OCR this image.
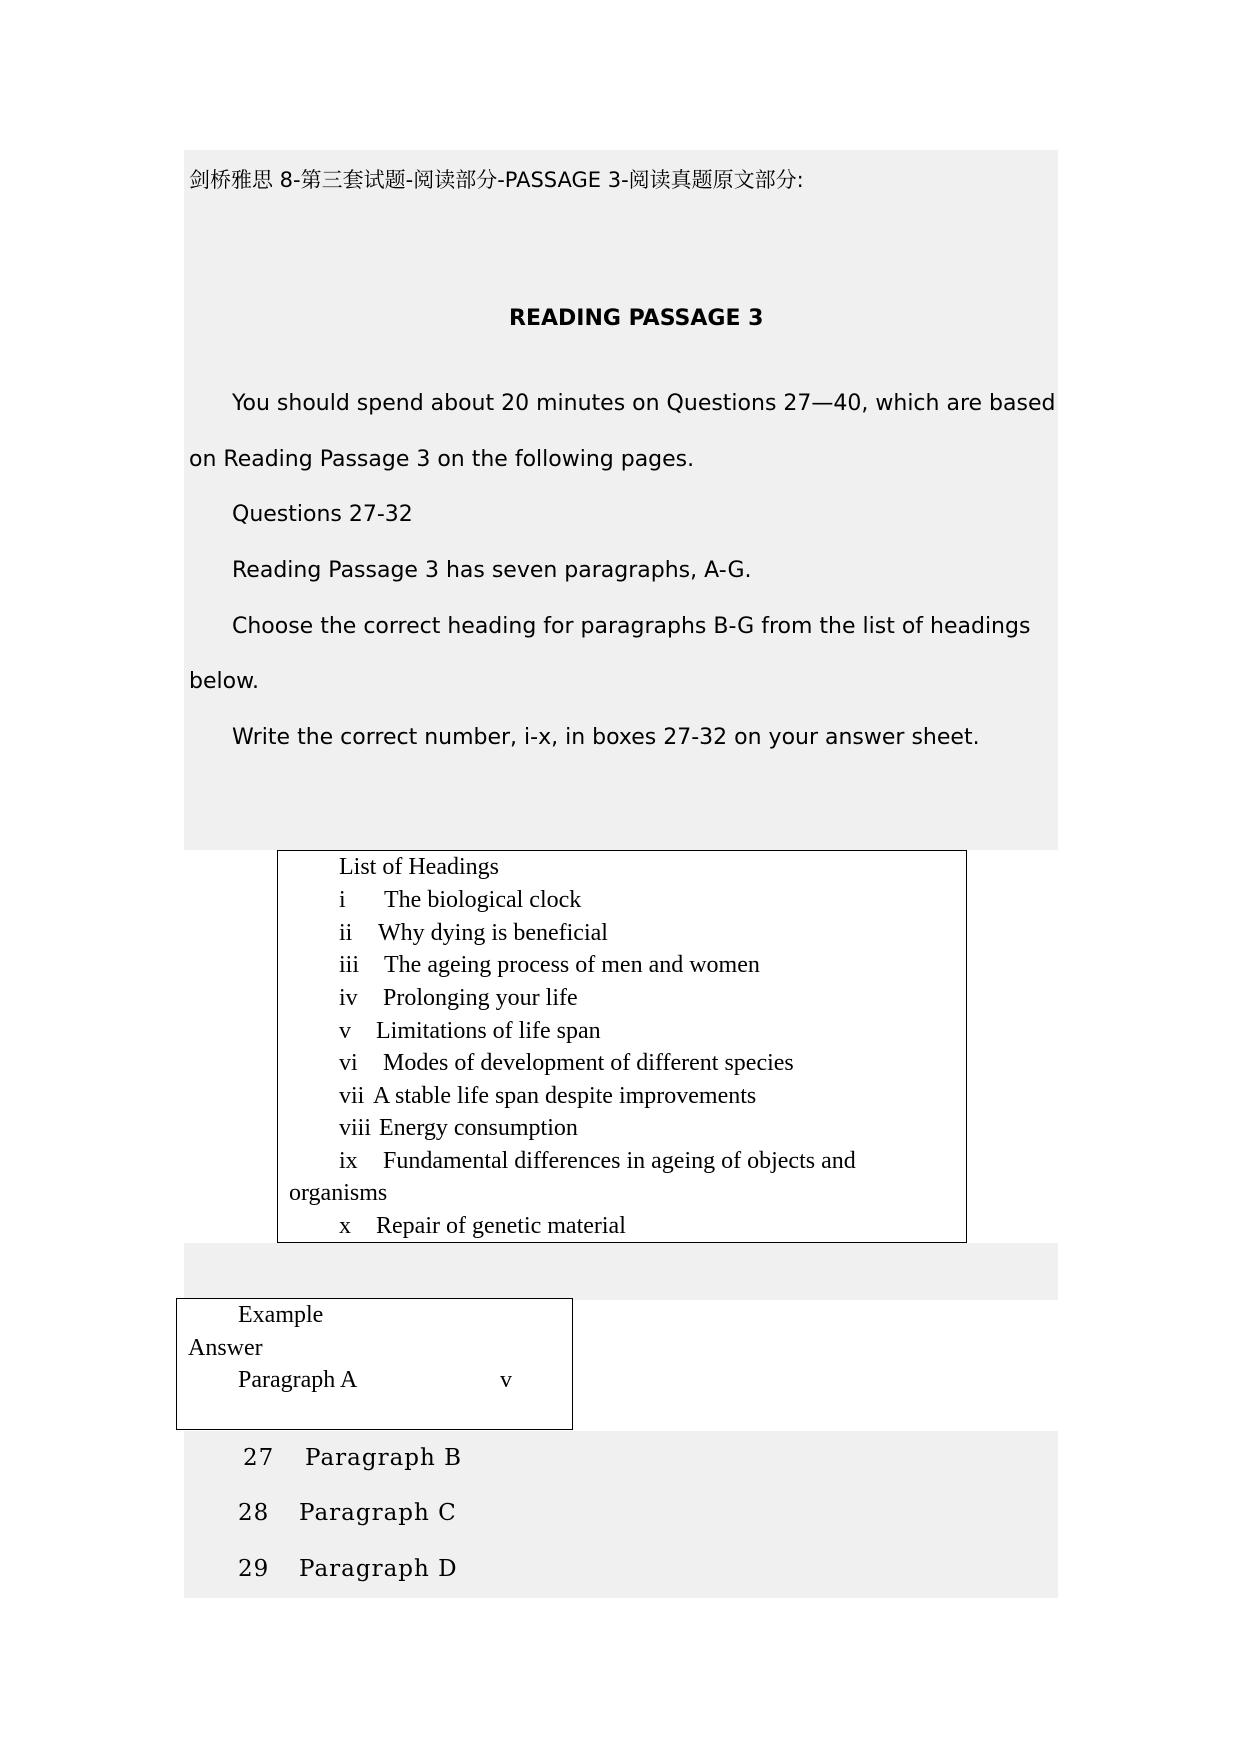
剑桥雅思 8-第三套试题-阅读部分-PASSAGE 3-阅读真题原文部分:
READING PASSAGE 3
You should spend about 20 minutes on Questions 27—40, which are based
on Reading Passage 3 on the following pages.
Questions 27-32
Reading Passage 3 has seven paragraphs, A-G.
Choose the correct heading for paragraphs B-G from the list of headings
below.
Write the correct number, i-x, in boxes 27-32 on your answer sheet.
List of Headings
i The biological clock
ii Why dying is beneficial
iii The ageing process of men and women
iv Prolonging your life
v Limitations of life span
vi Modes of development of different species
vii A stable life span despite improvements
viii Energy consumption
ix Fundamental differences in ageing of objects and
organisms
x Repair of genetic material
Example
Answer
Paragraph A	v
27 Paragraph B
28 Paragraph C
29 Paragraph D
